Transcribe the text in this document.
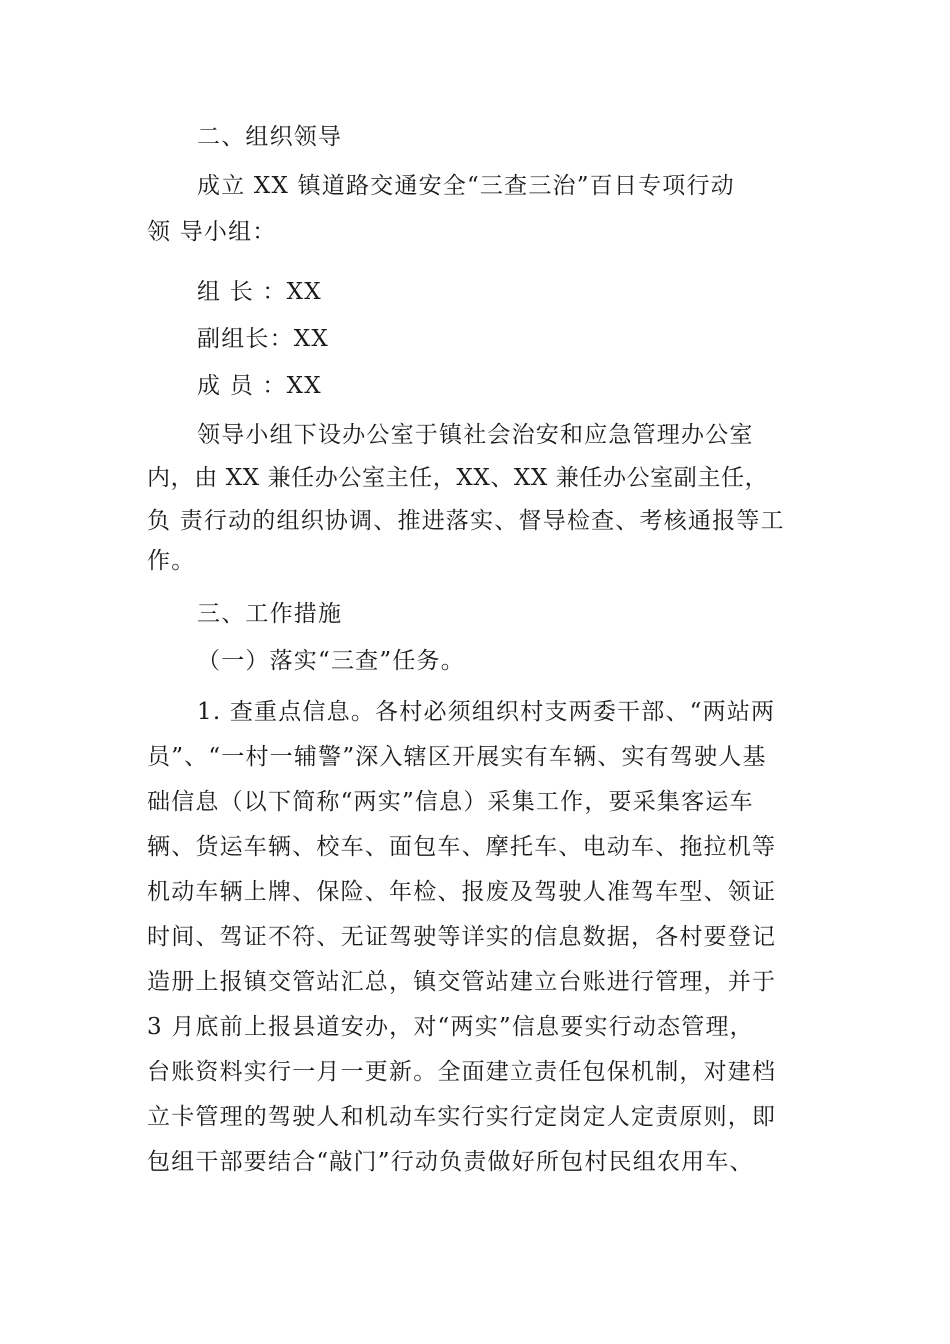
二、组织领导
成立 XX 镇道路交通安全“三查三治”百日专项行动
领 导小组：
组 长 ：XX
副组长：XX
成 员 ：XX
领导小组下设办公室于镇社会治安和应急管理办公室
内，由 XX 兼任办公室主任，XX、XX 兼任办公室副主任，
负 责行动的组织协调、推进落实、督导检查、考核通报等工
作。
三、工作措施
（一）落实“三查”任务。
1. 查重点信息。各村必须组织村支两委干部、“两站两
员”、“一村一辅警”深入辖区开展实有车辆、实有驾驶人基
础信息（以下简称“两实”信息）采集工作，要采集客运车
辆、货运车辆、校车、面包车、摩托车、电动车、拖拉机等
机动车辆上牌、保险、年检、报废及驾驶人准驾车型、领证
时间、驾证不符、无证驾驶等详实的信息数据，各村要登记
造册上报镇交管站汇总，镇交管站建立台账进行管理，并于
3 月底前上报县道安办，对“两实”信息要实行动态管理，
台账资料实行一月一更新。全面建立责任包保机制，对建档
立卡管理的驾驶人和机动车实行实行定岗定人定责原则，即
包组干部要结合“敲门”行动负责做好所包村民组农用车、
